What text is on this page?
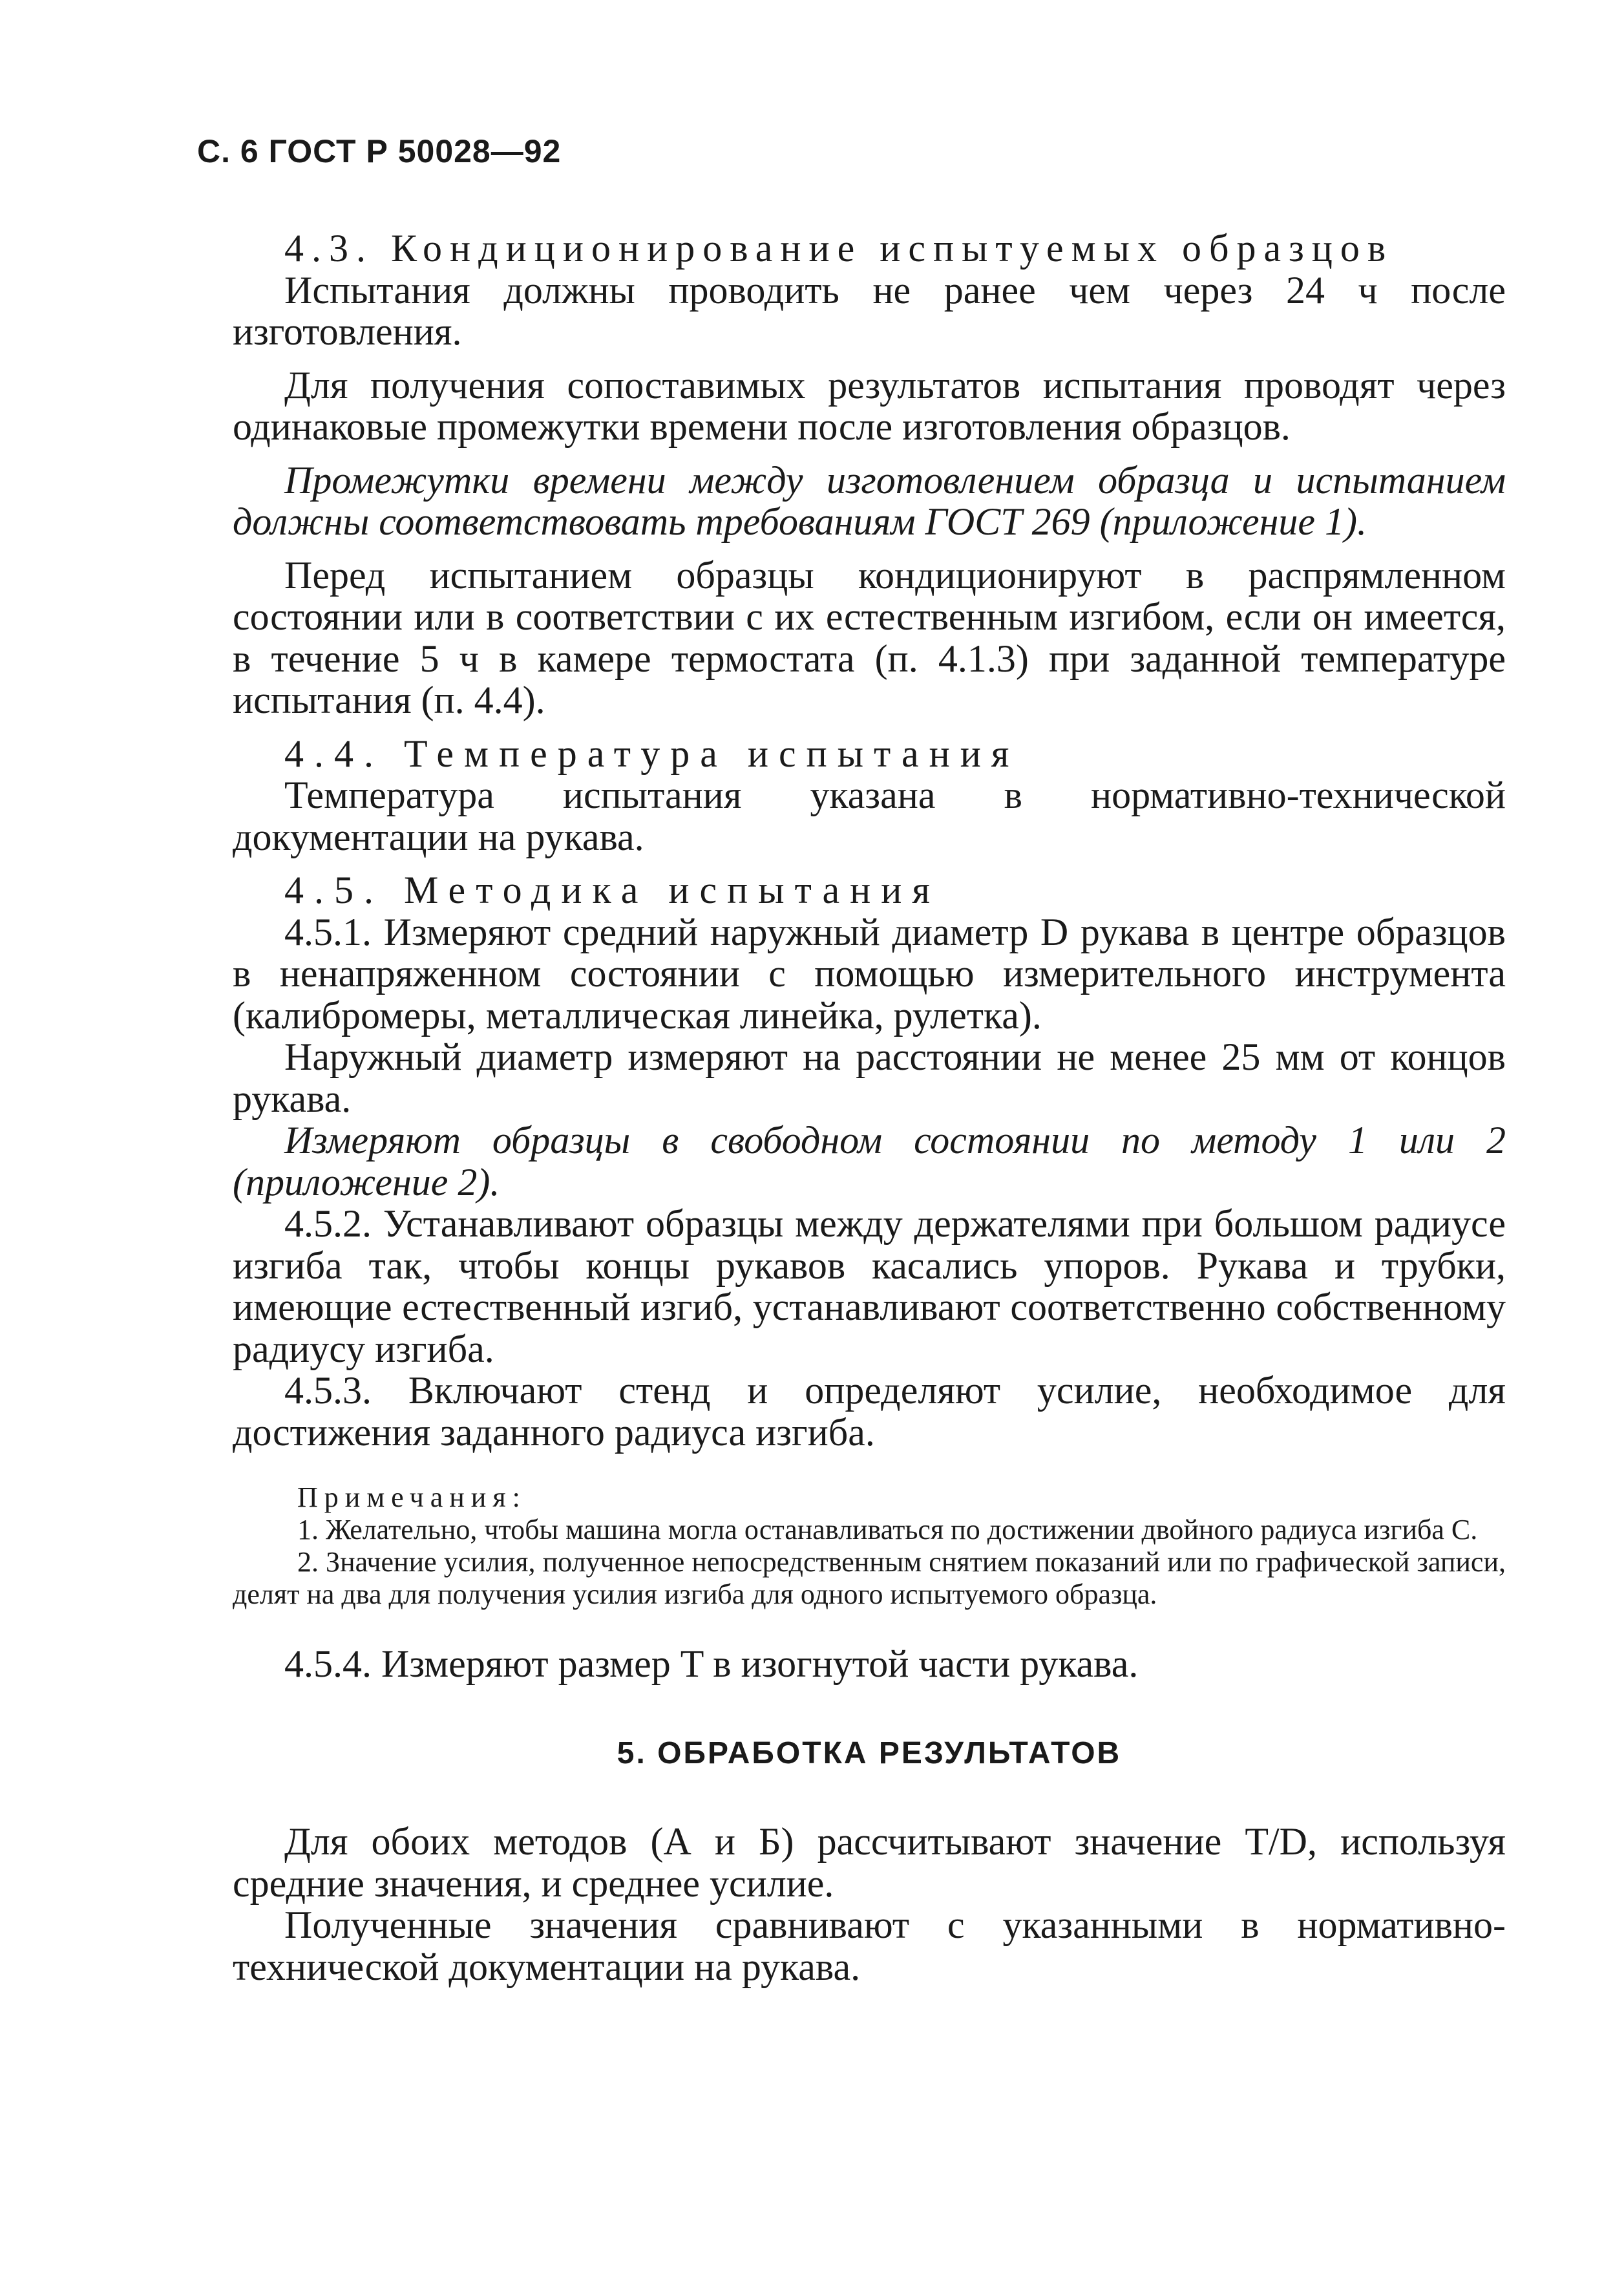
С. 6 ГОСТ Р 50028—92

4.3. Кондиционирование испытуемых образцов

Испытания должны проводить не ранее чем через 24 ч после изготовления.

Для получения сопоставимых результатов испытания проводят через одинаковые промежутки времени после изготовления образцов.

Промежутки времени между изготовлением образца и испытанием должны соответствовать требованиям ГОСТ 269 (приложение 1).

Перед испытанием образцы кондиционируют в распрямленном состоянии или в соответствии с их естественным изгибом, если он имеется, в течение 5 ч в камере термостата (п. 4.1.3) при заданной температуре испытания (п. 4.4).

4.4. Температура испытания

Температура испытания указана в нормативно-технической документации на рукава.

4.5. Методика испытания

4.5.1. Измеряют средний наружный диаметр D рукава в центре образцов в ненапряженном состоянии с помощью измерительного инструмента (калибромеры, металлическая линейка, рулетка).

Наружный диаметр измеряют на расстоянии не менее 25 мм от концов рукава.

Измеряют образцы в свободном состоянии по методу 1 или 2 (приложение 2).

4.5.2. Устанавливают образцы между держателями при большом радиусе изгиба так, чтобы концы рукавов касались упоров. Рукава и трубки, имеющие естественный изгиб, устанавливают соответственно собственному радиусу изгиба.

4.5.3. Включают стенд и определяют усилие, необходимое для достижения заданного радиуса изгиба.

Примечания:

1. Желательно, чтобы машина могла останавливаться по достижении двойного радиуса изгиба C.

2. Значение усилия, полученное непосредственным снятием показаний или по графической записи, делят на два для получения усилия изгиба для одного испытуемого образца.

4.5.4. Измеряют размер T в изогнутой части рукава.

5. ОБРАБОТКА РЕЗУЛЬТАТОВ

Для обоих методов (А и Б) рассчитывают значение T/D, используя средние значения, и среднее усилие.

Полученные значения сравнивают с указанными в нормативно-технической документации на рукава.
